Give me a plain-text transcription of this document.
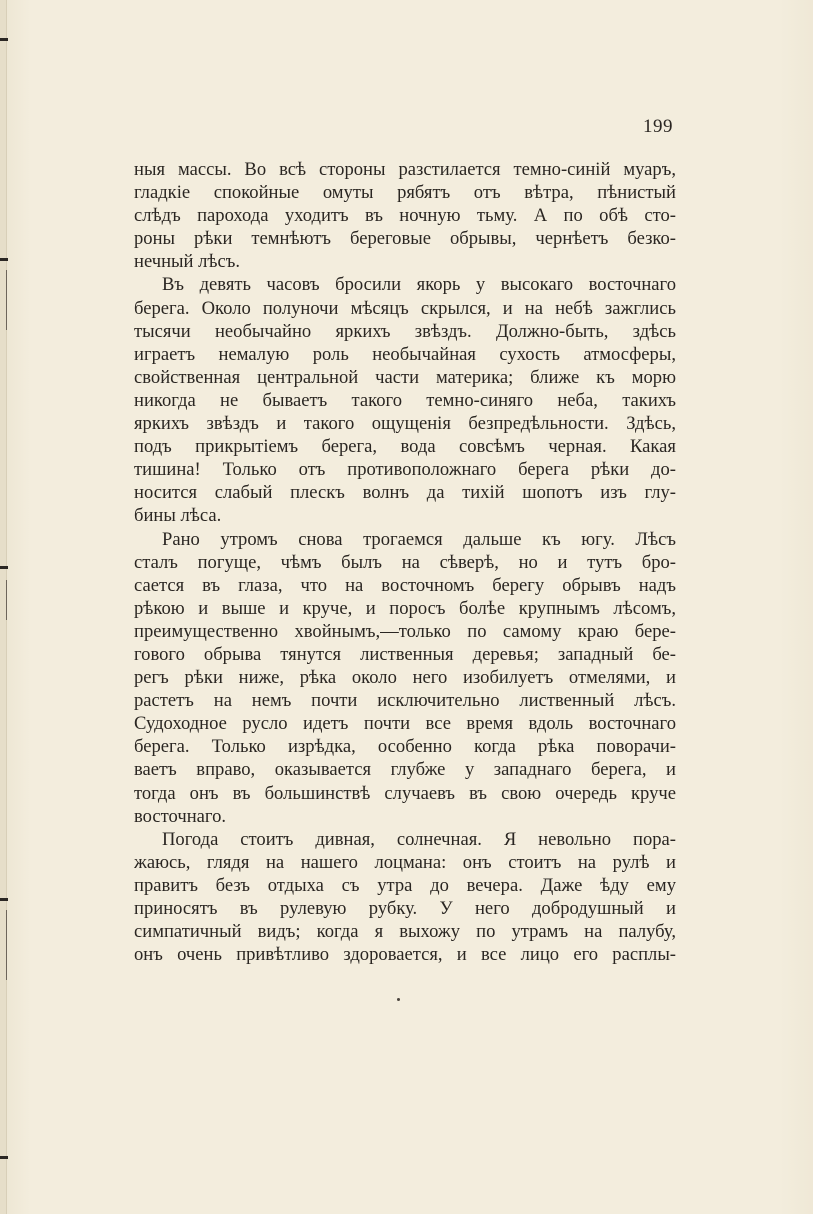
199
ныя массы. Во всѣ стороны разстилается темно-синій муаръ,
гладкіе спокойные омуты рябятъ отъ вѣтра, пѣнистый
слѣдъ парохода уходитъ въ ночную тьму. А по обѣ сто-
роны рѣки темнѣютъ береговые обрывы, чернѣетъ безко-
нечный лѣсъ.
Въ девять часовъ бросили якорь у высокаго восточнаго
берега. Около полуночи мѣсяцъ скрылся, и на небѣ зажглись
тысячи необычайно яркихъ звѣздъ. Должно-быть, здѣсь
играетъ немалую роль необычайная сухость атмосферы,
свойственная центральной части материка; ближе къ морю
никогда не бываетъ такого темно-синяго неба, такихъ
яркихъ звѣздъ и такого ощущенія безпредѣльности. Здѣсь,
подъ прикрытіемъ берега, вода совсѣмъ черная. Какая
тишина! Только отъ противоположнаго берега рѣки до-
носится слабый плескъ волнъ да тихій шопотъ изъ глу-
бины лѣса.
Рано утромъ снова трогаемся дальше къ югу. Лѣсъ
сталъ погуще, чѣмъ былъ на сѣверѣ, но и тутъ бро-
сается въ глаза, что на восточномъ берегу обрывъ надъ
рѣкою и выше и круче, и поросъ болѣе крупнымъ лѣсомъ,
преимущественно хвойнымъ,—только по самому краю бере-
гового обрыва тянутся лиственныя деревья; западный бе-
регъ рѣки ниже, рѣка около него изобилуетъ отмелями, и
растетъ на немъ почти исключительно лиственный лѣсъ.
Судоходное русло идетъ почти все время вдоль восточнаго
берега. Только изрѣдка, особенно когда рѣка поворачи-
ваетъ вправо, оказывается глубже у западнаго берега, и
тогда онъ въ большинствѣ случаевъ въ свою очередь круче
восточнаго.
Погода стоитъ дивная, солнечная. Я невольно пора-
жаюсь, глядя на нашего лоцмана: онъ стоитъ на рулѣ и
правитъ безъ отдыха съ утра до вечера. Даже ѣду ему
приносятъ въ рулевую рубку. У него добродушный и
симпатичный видъ; когда я выхожу по утрамъ на палубу,
онъ очень привѣтливо здоровается, и все лицо его расплы-
